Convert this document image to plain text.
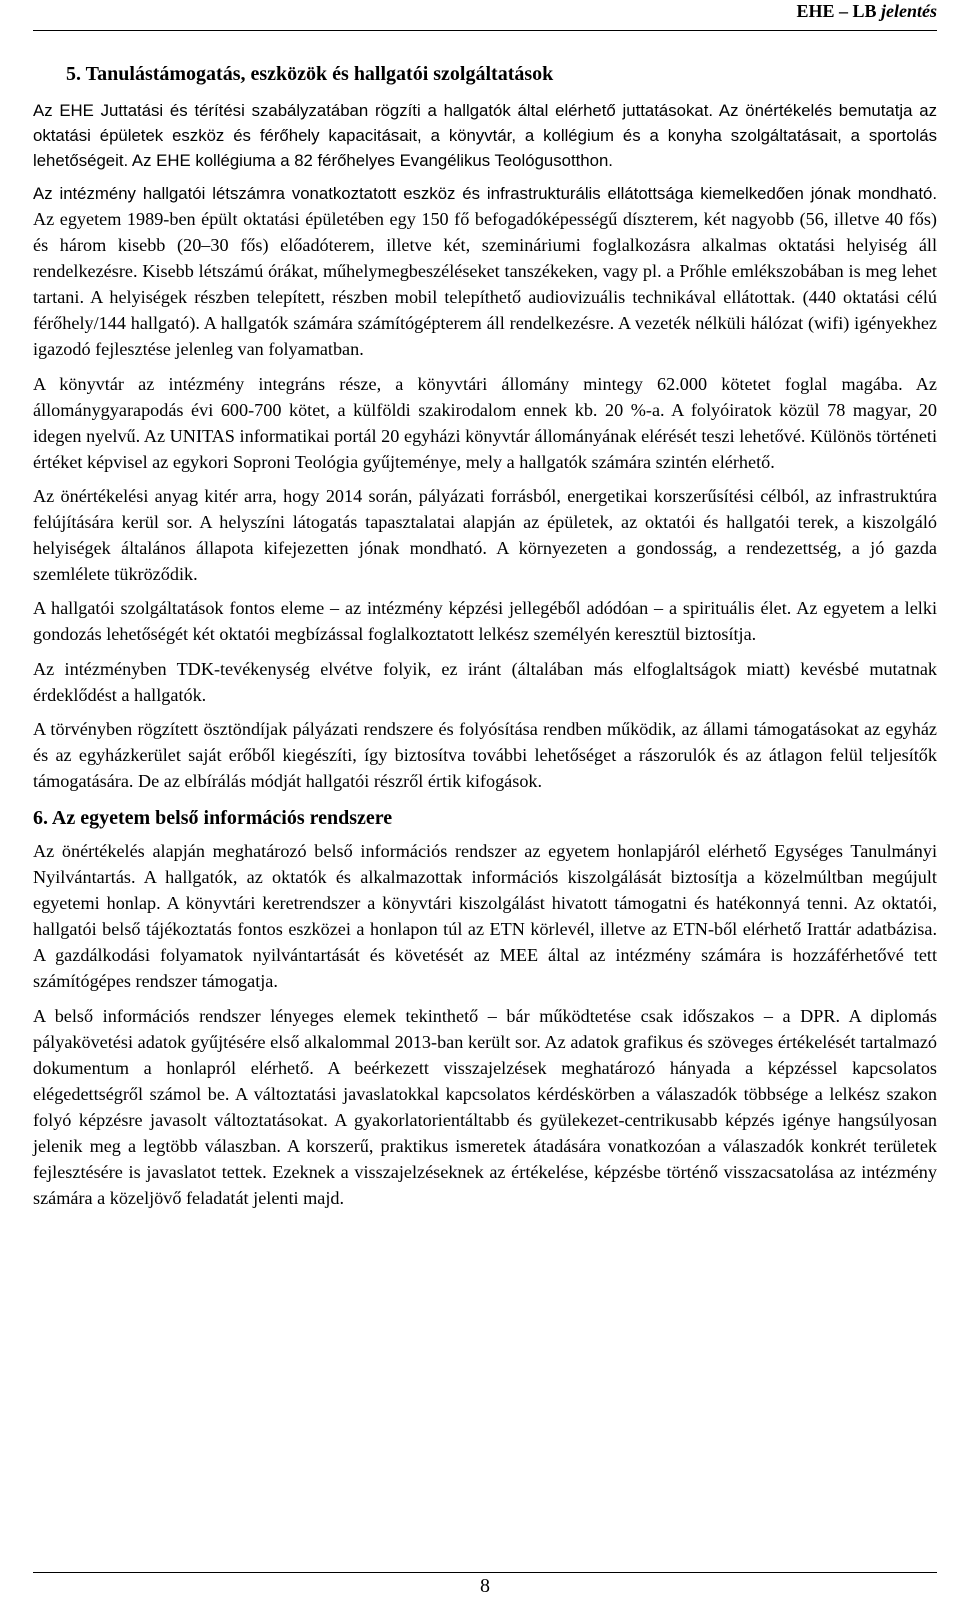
EHE – LB jelentés
5. Tanulástámogatás, eszközök és hallgatói szolgáltatások

Az EHE Juttatási és térítési szabályzatában rögzíti a hallgatók által elérhető juttatásokat. Az önértékelés bemutatja az oktatási épületek eszköz és férőhely kapacitásait, a könyvtár, a kollégium és a konyha szolgáltatásait, a sportolás lehetőségeit. Az EHE kollégiuma a 82 férőhelyes Evangélikus Teológusotthon.

Az intézmény hallgatói létszámra vonatkoztatott eszköz és infrastrukturális ellátottsága kiemelkedően jónak mondható. Az egyetem 1989-ben épült oktatási épületében egy 150 fő befogadóképességű díszterem, két nagyobb (56, illetve 40 fős) és három kisebb (20‒30 fős) előadóterem, illetve két, szemináriumi foglalkozásra alkalmas oktatási helyiség áll rendelkezésre. Kisebb létszámú órákat, műhelymegbeszéléseket tanszékeken, vagy pl. a Prőhle emlékszobában is meg lehet tartani. A helyiségek részben telepített, részben mobil telepíthető audiovizuális technikával ellátottak. (440 oktatási célú férőhely/144 hallgató). A hallgatók számára számítógépterem áll rendelkezésre. A vezeték nélküli hálózat (wifi) igényekhez igazodó fejlesztése jelenleg van folyamatban.

A könyvtár az intézmény integráns része, a könyvtári állomány mintegy 62.000 kötetet foglal magába. Az állománygyarapodás évi 600-700 kötet, a külföldi szakirodalom ennek kb. 20 %-a. A folyóiratok közül 78 magyar, 20 idegen nyelvű. Az UNITAS informatikai portál 20 egyházi könyvtár állományának elérését teszi lehetővé. Különös történeti értéket képvisel az egykori Soproni Teológia gyűjteménye, mely a hallgatók számára szintén elérhető.

Az önértékelési anyag kitér arra, hogy 2014 során, pályázati forrásból, energetikai korszerűsítési célból, az infrastruktúra felújítására kerül sor. A helyszíni látogatás tapasztalatai alapján az épületek, az oktatói és hallgatói terek, a kiszolgáló helyiségek általános állapota kifejezetten jónak mondható. A környezeten a gondosság, a rendezettség, a jó gazda szemlélete tükröződik.

A hallgatói szolgáltatások fontos eleme ‒ az intézmény képzési jellegéből adódóan ‒ a spirituális élet. Az egyetem a lelki gondozás lehetőségét két oktatói megbízással foglalkoztatott lelkész személyén keresztül biztosítja.

Az intézményben TDK-tevékenység elvétve folyik, ez iránt (általában más elfoglaltságok miatt) kevésbé mutatnak érdeklődést a hallgatók.

A törvényben rögzített ösztöndíjak pályázati rendszere és folyósítása rendben működik, az állami támogatásokat az egyház és az egyházkerület saját erőből kiegészíti, így biztosítva további lehetőséget a rászorulók és az átlagon felül teljesítők támogatására. De az elbírálás módját hallgatói részről értik kifogások.

6. Az egyetem belső információs rendszere

Az önértékelés alapján meghatározó belső információs rendszer az egyetem honlapjáról elérhető Egységes Tanulmányi Nyilvántartás. A hallgatók, az oktatók és alkalmazottak információs kiszolgálását biztosítja a közelmúltban megújult egyetemi honlap. A könyvtári keretrendszer a könyvtári kiszolgálást hivatott támogatni és hatékonnyá tenni. Az oktatói, hallgatói belső tájékoztatás fontos eszközei a honlapon túl az ETN körlevél, illetve az ETN-ből elérhető Irattár adatbázisa. A gazdálkodási folyamatok nyilvántartását és követését az MEE által az intézmény számára is hozzáférhetővé tett számítógépes rendszer támogatja.

A belső információs rendszer lényeges elemek tekinthető ‒ bár működtetése csak időszakos ‒ a DPR. A diplomás pályakövetési adatok gyűjtésére első alkalommal 2013-ban került sor. Az adatok grafikus és szöveges értékelését tartalmazó dokumentum a honlapról elérhető. A beérkezett visszajelzések meghatározó hányada a képzéssel kapcsolatos elégedettségről számol be. A változtatási javaslatokkal kapcsolatos kérdéskörben a válaszadók többsége a lelkész szakon folyó képzésre javasolt változtatásokat. A gyakorlatorientáltabb és gyülekezet-centrikusabb képzés igénye hangsúlyosan jelenik meg a legtöbb válaszban. A korszerű, praktikus ismeretek átadására vonatkozóan a válaszadók konkrét területek fejlesztésére is javaslatot tettek. Ezeknek a visszajelzéseknek az értékelése, képzésbe történő visszacsatolása az intézmény számára a közeljövő feladatát jelenti majd.

8
